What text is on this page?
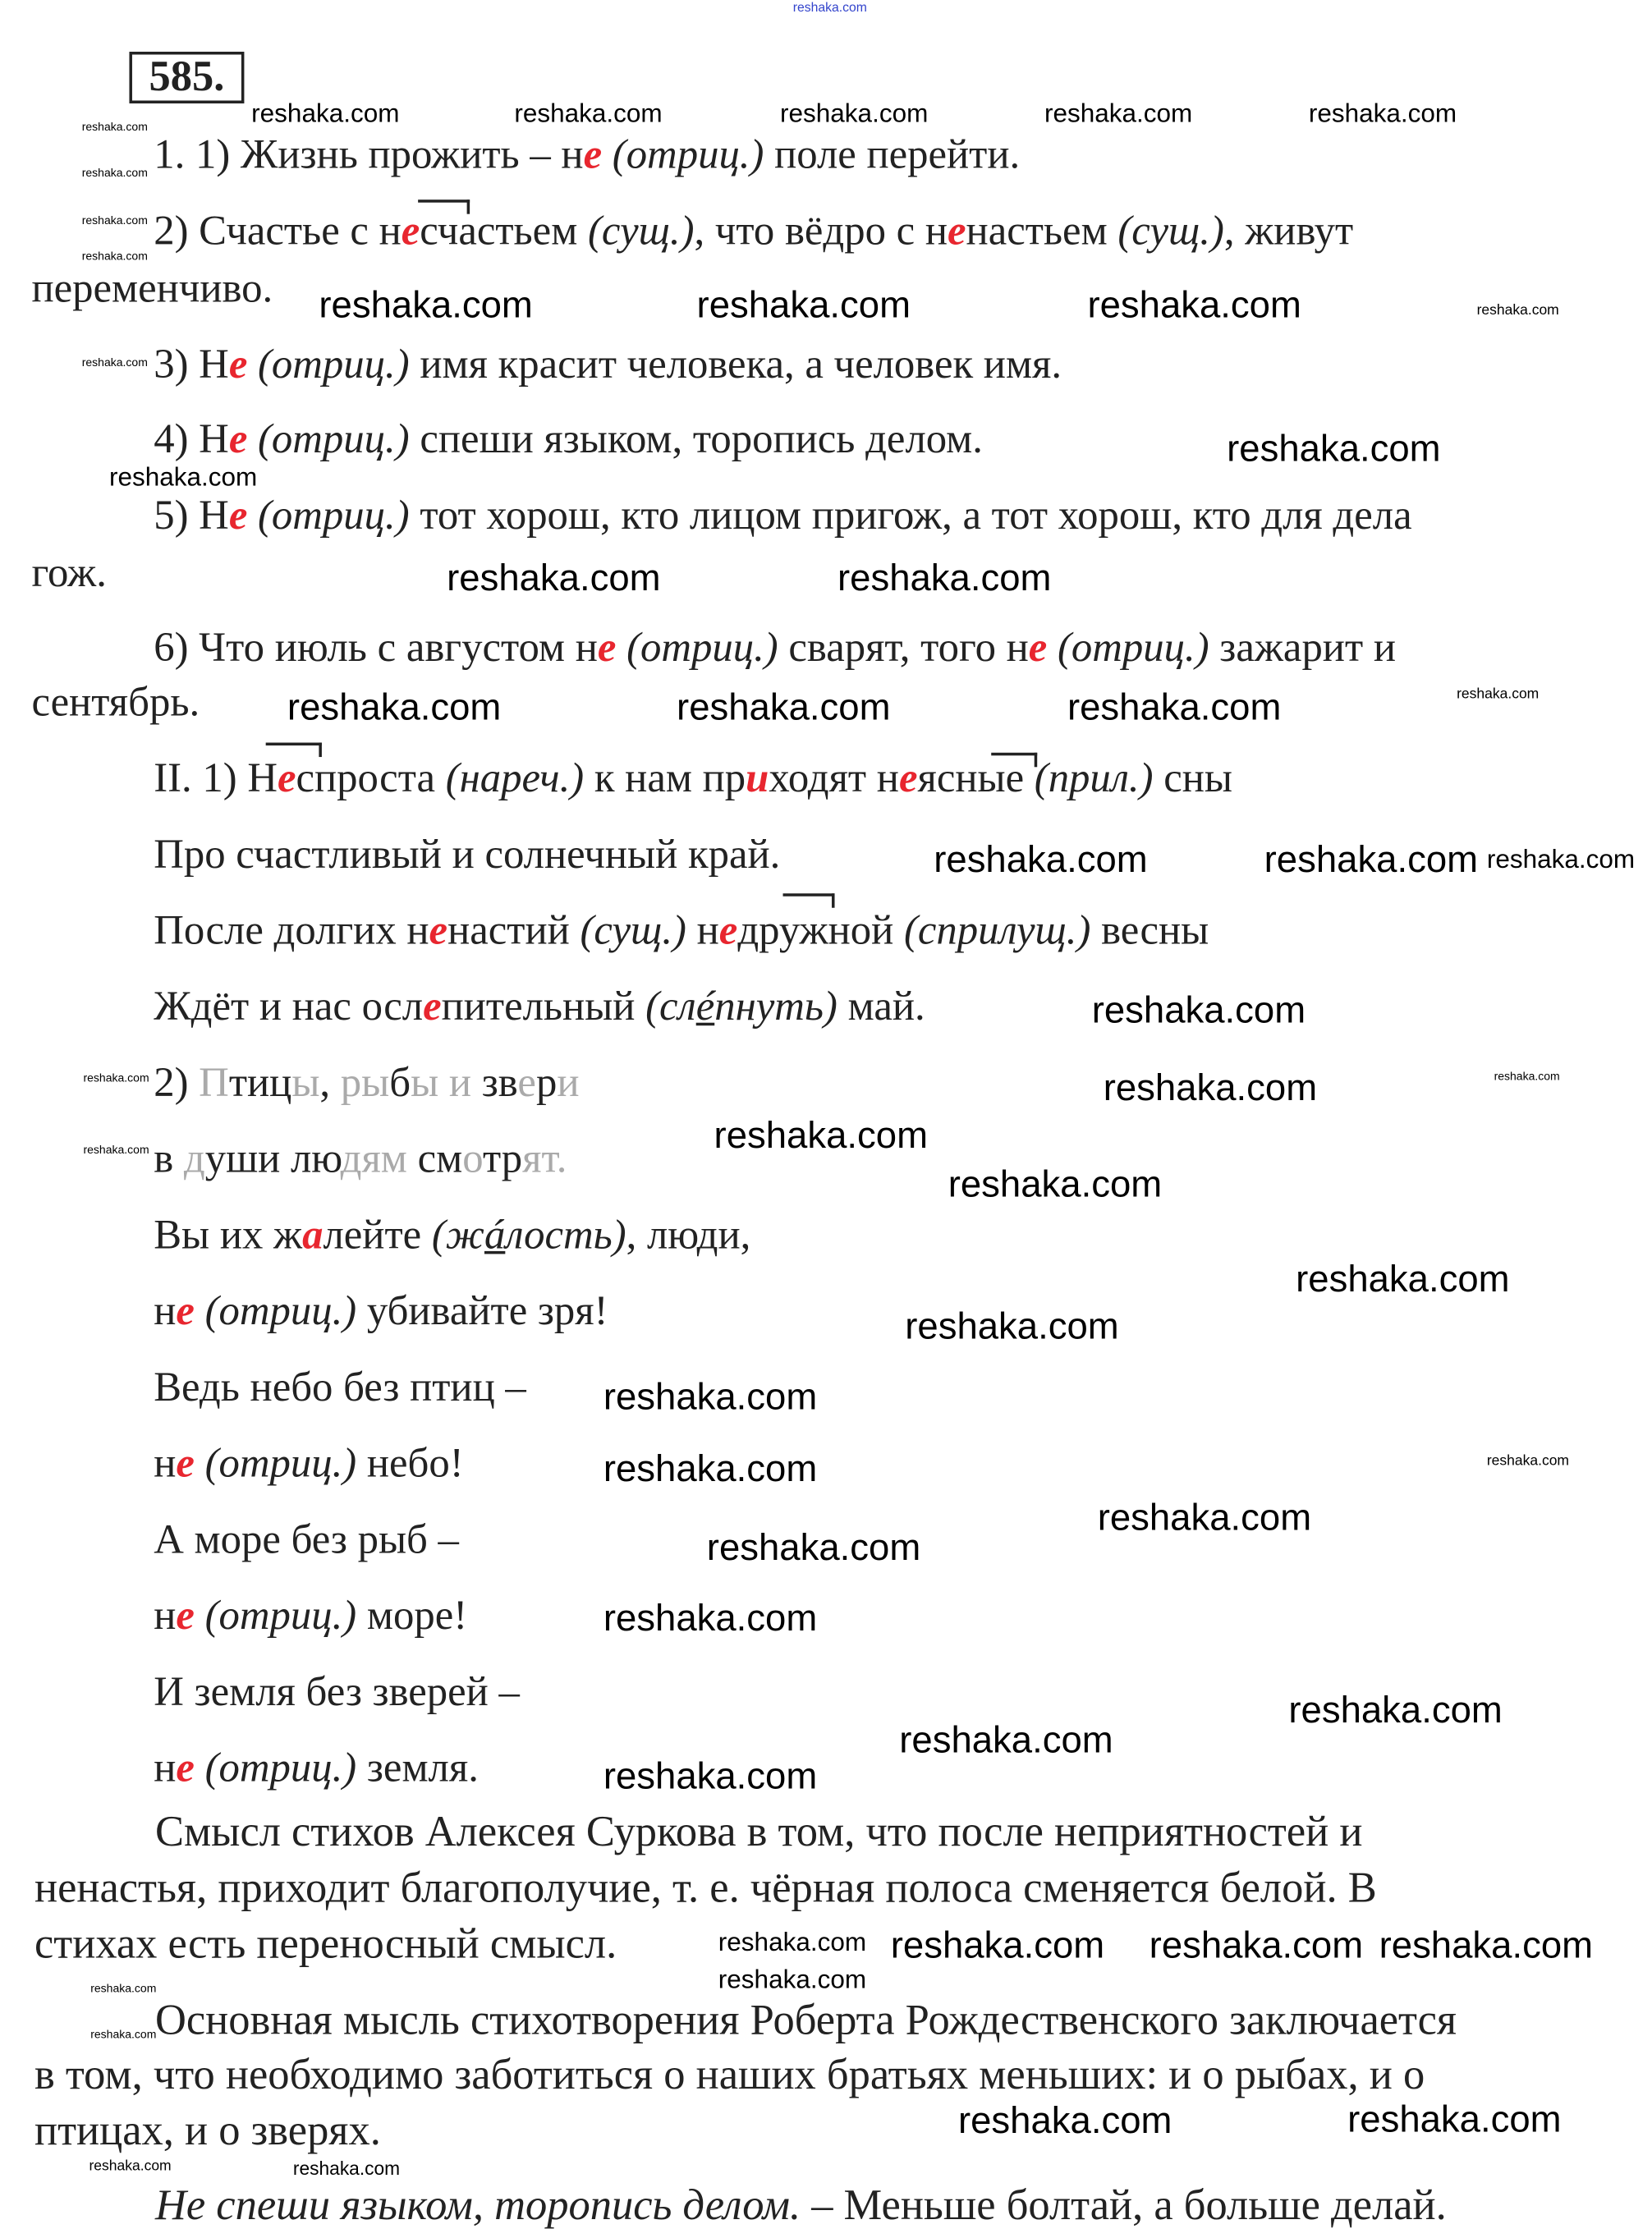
reshaka.com
585.
1. 1) Жизнь прожить – не (отриц.) поле перейти.
2) Счастье с несчастьем (сущ.), что вёдро с ненастьем (сущ.), живут
переменчиво.
3) Не (отриц.) имя красит человека, а человек имя.
4) Не (отриц.) спеши языком, торопись делом.
5) Не (отриц.) тот хорош, кто лицом пригож, а тот хорош, кто для дела
гож.
6) Что июль с августом не (отриц.) сварят, того не (отриц.) зажарит и
сентябрь.
II. 1) Неспроста (нареч.) к нам приходят неясные (прил.) сны
Про счастливый и солнечный край.
После долгих ненастий (сущ.) недружной (сприлущ.) весны
Ждёт и нас ослепительный (слéпнуть) май.
2) Птицы, рыбы и звери
в души людям смотрят.
Вы их жалейте (жáлость), люди,
не (отриц.) убивайте зря!
Ведь небо без птиц –
не (отриц.) небо!
А море без рыб –
не (отриц.) море!
И земля без зверей –
не (отриц.) земля.
Смысл стихов Алексея Суркова в том, что после неприятностей и
ненастья, приходит благополучие, т. е. чёрная полоса сменяется белой. В
стихах есть переносный смысл.
Основная мысль стихотворения Роберта Рождественского заключается
в том, что необходимо заботиться о наших братьях меньших: и о рыбах, и о
птицах, и о зверях.
Не спеши языком, торопись делом. – Меньше болтай, а больше делай.
reshaka.com	reshaka.com	reshaka.com	reshaka.com	reshaka.com
reshaka.com
reshaka.com
reshaka.com
reshaka.com
reshaka.com
reshaka.com	reshaka.com	reshaka.com	reshaka.com
reshaka.com
reshaka.com	reshaka.com
reshaka.com
reshaka.com
reshaka.com	reshaka.com	reshaka.com
reshaka.com
reshaka.com
reshaka.com	reshaka.com
reshaka.com	reshaka.com
reshaka.com
reshaka.com
reshaka.com
reshaka.com
reshaka.com
reshaka.com
reshaka.com
reshaka.com	reshaka.com
reshaka.com
reshaka.com
reshaka.com
reshaka.com
reshaka.com
reshaka.com
reshaka.com	reshaka.com
reshaka.com
reshaka.com	reshaka.com
reshaka.com
reshaka.com
reshaka.com
reshaka.com
reshaka.com	reshaka.com
